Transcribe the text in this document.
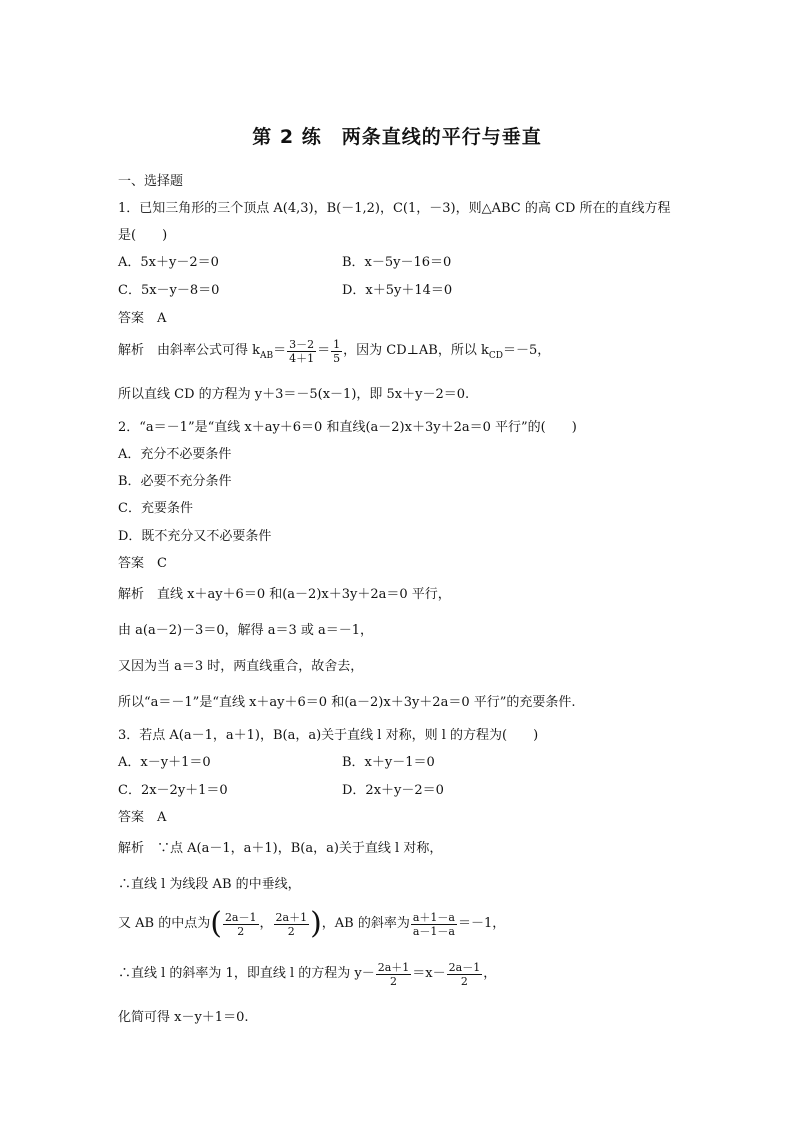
第 2 练　两条直线的平行与垂直
一、选择题
1．已知三角形的三个顶点 A(4,3)，B(－1,2)，C(1，－3)，则△ABC 的高 CD 所在的直线方程
是(　　)
A．5x＋y－2＝0	B．x－5y－16＝0
C．5x－y－8＝0	D．x＋5y＋14＝0
答案　A
解析　由斜率公式可得 $k_{AB}= \frac{3-2}{4+1} = \frac{1}{5}$ ，因为 CD⊥AB，所以 $k_{CD}=-5$，
所以直线 CD 的方程为 y＋3＝－5(x－1)，即 5x＋y－2＝0.
2．“a＝－1”是“直线 x＋ay＋6＝0 和直线(a－2)x＋3y＋2a＝0 平行”的(　　)
A．充分不必要条件
B．必要不充分条件
C．充要条件
D．既不充分又不必要条件
答案　C
解析　直线 x＋ay＋6＝0 和(a－2)x＋3y＋2a＝0 平行，
由 a(a－2)－3＝0，解得 a＝3 或 a＝－1，
又因为当 a＝3 时，两直线重合，故舍去，
所以“a＝－1”是“直线 x＋ay＋6＝0 和(a－2)x＋3y＋2a＝0 平行”的充要条件.
3．若点 A(a－1，a＋1)，B(a，a)关于直线 l 对称，则 l 的方程为(　　)
A．x－y＋1＝0	B．x＋y－1＝0
C．2x－2y＋1＝0	D．2x＋y－2＝0
答案　A
解析　∵点 A(a－1，a＋1)，B(a，a)关于直线 l 对称，
∴直线 l 为线段 AB 的中垂线，
又 AB 的中点为( $\frac{2a-1}{2}$ ， $\frac{2a+1}{2}$ )，AB 的斜率为 $\frac{a+1-a}{a-1-a} =-1$，
∴直线 l 的斜率为 1，即直线 l 的方程为 $y- \frac{2a+1}{2} =x- \frac{2a-1}{2}$ ，
化简可得 x－y＋1＝0.
